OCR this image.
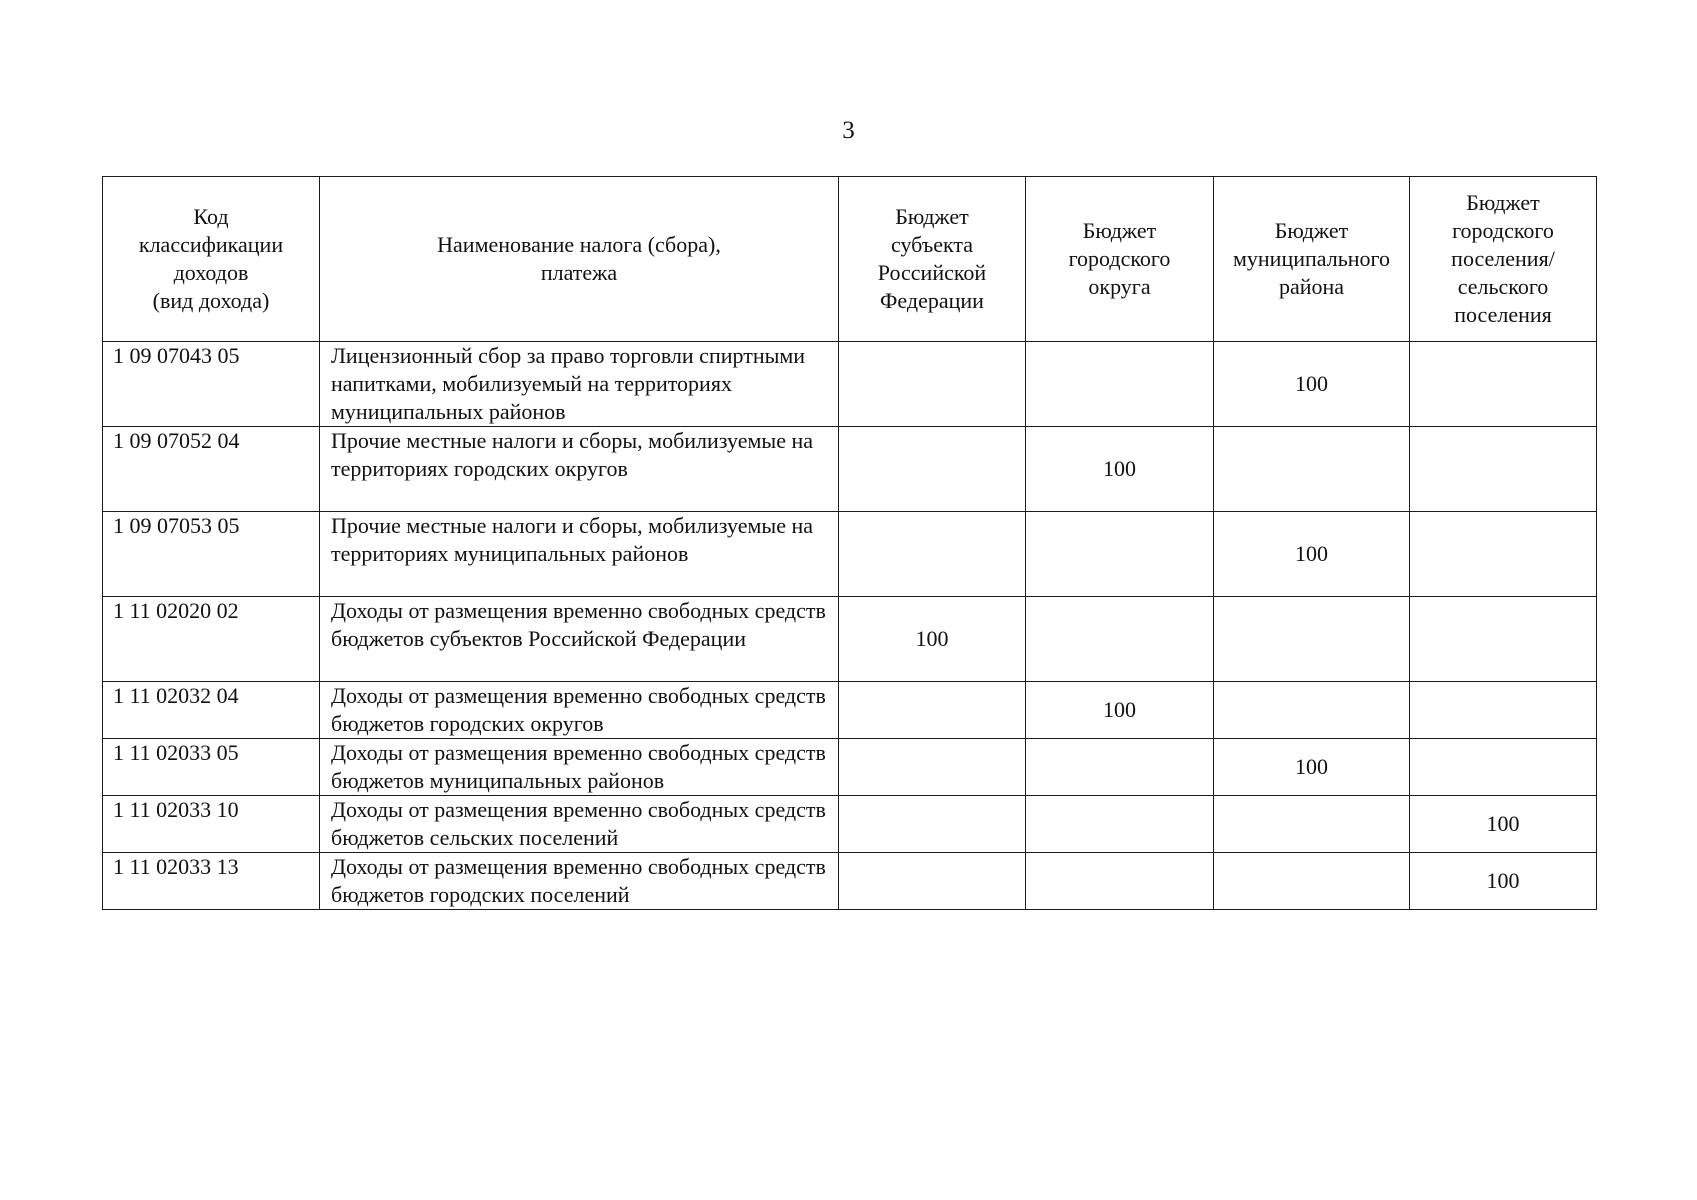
3
Код
классификации
доходов
(вид дохода)	Наименование налога (сбора),
платежа	Бюджет
субъекта
Российской
Федерации	Бюджет
городского
округа	Бюджет
муниципального
района	Бюджет
городского
поселения/
сельского
поселения

1 09 07043 05	Лицензионный сбор за право торговли спиртными напитками, мобилизуемый на территориях муниципальных районов			100	
1 09 07052 04	Прочие местные налоги и сборы, мобилизуемые на территориях городских округов		100		
1 09 07053 05	Прочие местные налоги и сборы, мобилизуемые на территориях муниципальных районов			100	
1 11 02020 02	Доходы от размещения временно свободных средств бюджетов субъектов Российской Федерации	100			
1 11 02032 04	Доходы от размещения временно свободных средств бюджетов городских округов		100		
1 11 02033 05	Доходы от размещения временно свободных средств бюджетов муниципальных районов			100	
1 11 02033 10	Доходы от размещения временно свободных средств бюджетов сельских поселений				100
1 11 02033 13	Доходы от размещения временно свободных средств бюджетов городских поселений				100
